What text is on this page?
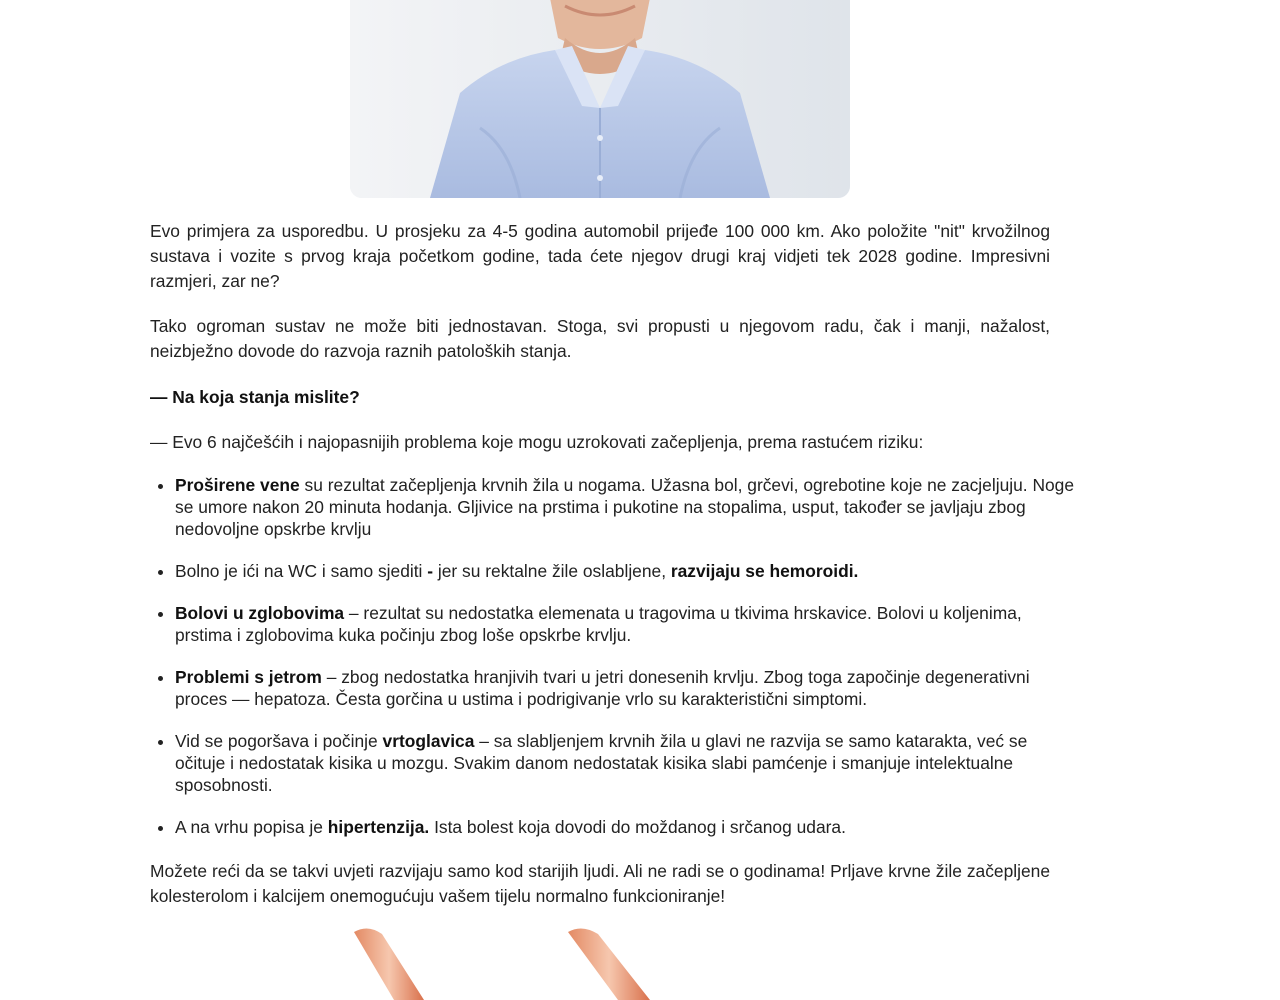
Evo primjera za usporedbu. U prosjeku za 4-5 godina automobil prijeđe 100 000 km. Ako položite "nit" krvožilnog sustava i vozite s prvog kraja početkom godine, tada ćete njegov drugi kraj vidjeti tek 2028 godine. Impresivni razmjeri, zar ne?

Tako ogroman sustav ne može biti jednostavan. Stoga, svi propusti u njegovom radu, čak i manji, nažalost, neizbježno dovode do razvoja raznih patoloških stanja.

— Na koja stanja mislite?

— Evo 6 najčešćih i najopasnijih problema koje mogu uzrokovati začepljenja, prema rastućem riziku:

• Proširene vene su rezultat začepljenja krvnih žila u nogama. Užasna bol, grčevi, ogrebotine koje ne zacjeljuju. Noge se umore nakon 20 minuta hodanja. Gljivice na prstima i pukotine na stopalima, usput, također se javljaju zbog nedovoljne opskrbe krvlju
• Bolno je ići na WC i samo sjediti - jer su rektalne žile oslabljene, razvijaju se hemoroidi.
• Bolovi u zglobovima – rezultat su nedostatka elemenata u tragovima u tkivima hrskavice. Bolovi u koljenima, prstima i zglobovima kuka počinju zbog loše opskrbe krvlju.
• Problemi s jetrom – zbog nedostatka hranjivih tvari u jetri donesenih krvlju. Zbog toga započinje degenerativni proces — hepatoza. Česta gorčina u ustima i podrigivanje vrlo su karakteristični simptomi.
• Vid se pogoršava i počinje vrtoglavica – sa slabljenjem krvnih žila u glavi ne razvija se samo katarakta, već se očituje i nedostatak kisika u mozgu. Svakim danom nedostatak kisika slabi pamćenje i smanjuje intelektualne sposobnosti.
• A na vrhu popisa je hipertenzija. Ista bolest koja dovodi do moždanog i srčanog udara.

Možete reći da se takvi uvjeti razvijaju samo kod starijih ljudi. Ali ne radi se o godinama! Prljave krvne žile začepljene kolesterolom i kalcijem onemogućuju vašem tijelu normalno funkcioniranje!
